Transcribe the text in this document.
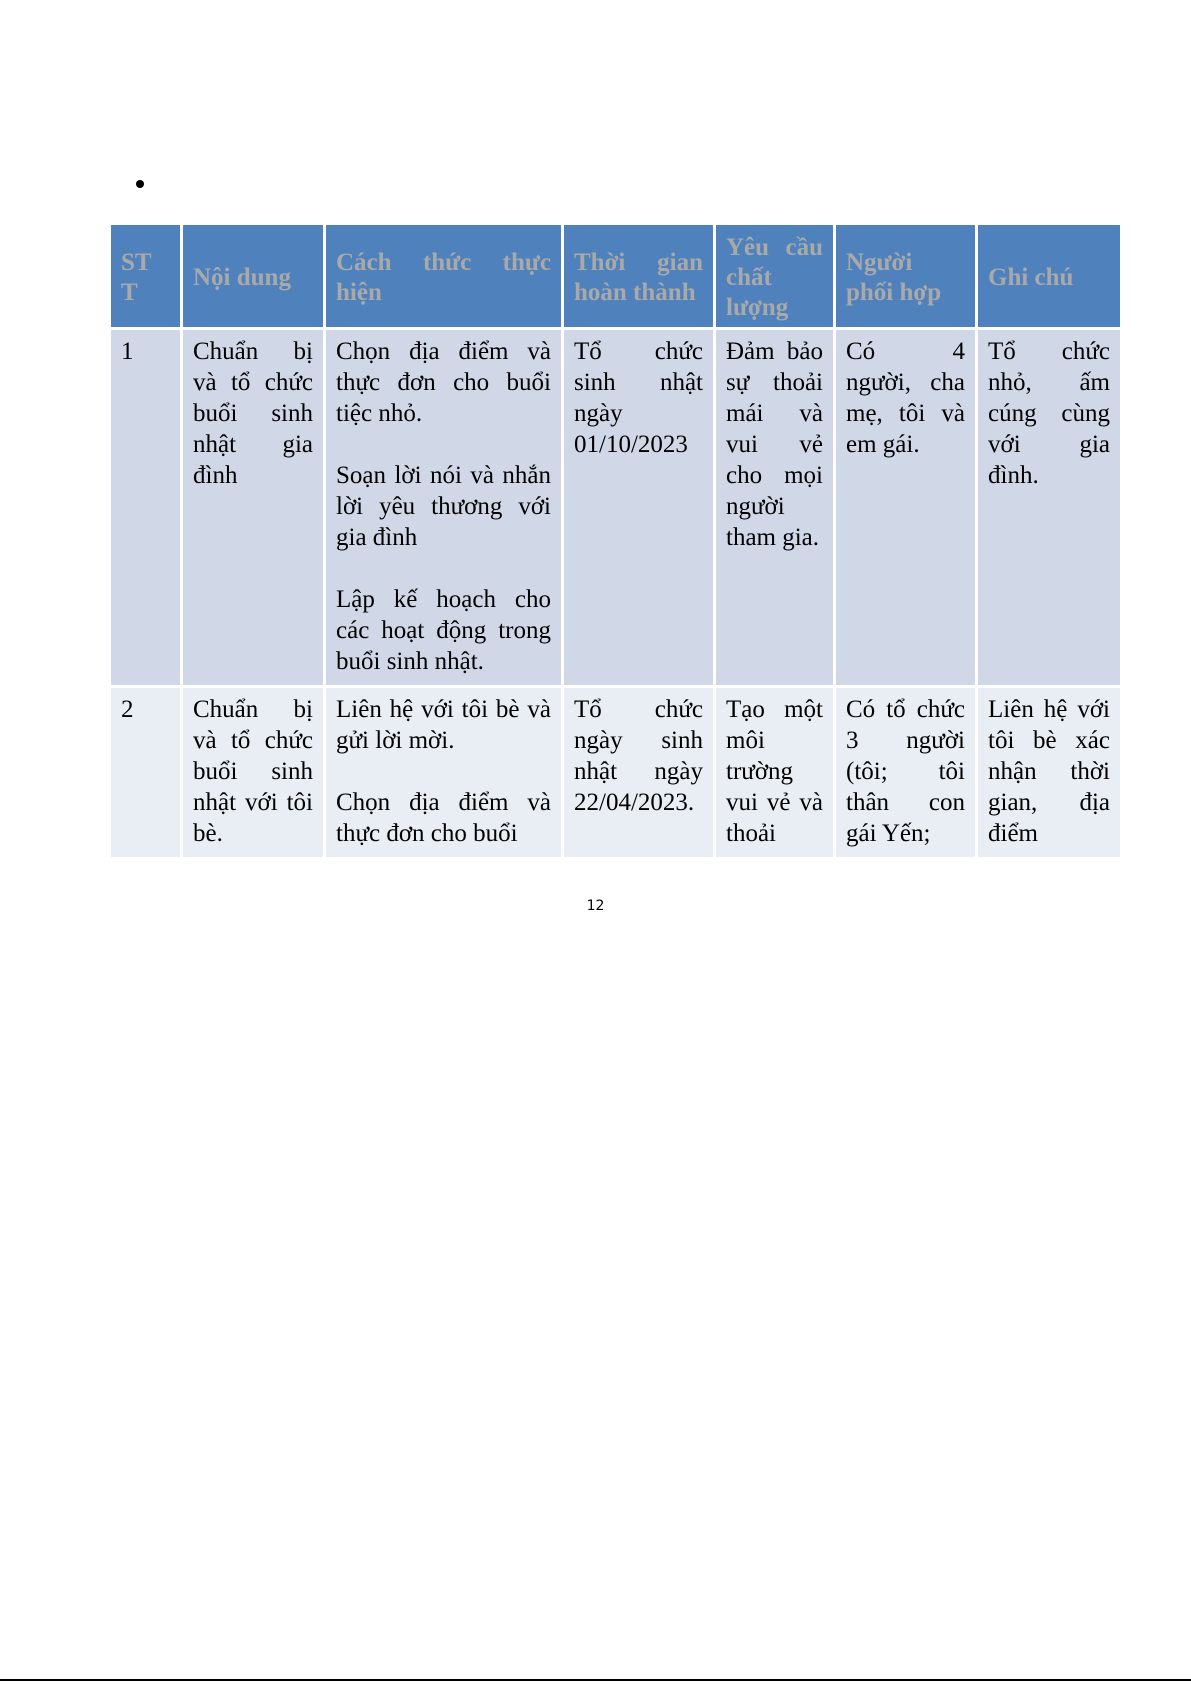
ST T	Nội dung	Cách thức thực hiện	Thời gian hoàn thành	Yêu cầu chất lượng	Người phối hợp	Ghi chú
1	Chuẩn bị và tổ chức buổi sinh nhật gia đình	Chọn địa điểm và thực đơn cho buổi tiệc nhỏ.

Soạn lời nói và nhắn lời yêu thương với gia đình

Lập kế hoạch cho các hoạt động trong buổi sinh nhật.	Tổ chức sinh nhật ngày 01/10/2023	Đảm bảo sự thoải mái và vui vẻ cho mọi người tham gia.	Có 4 người, cha mẹ, tôi và em gái.	Tổ chức nhỏ, ấm cúng cùng với gia đình.
2	Chuẩn bị và tổ chức buổi sinh nhật với tôi bè.	Liên hệ với tôi bè và gửi lời mời.

Chọn địa điểm và thực đơn cho buổi	Tổ chức ngày sinh nhật ngày 22/04/2023.	Tạo một môi trường vui vẻ và thoải	Có tổ chức 3 người (tôi; tôi thân con gái Yến;	Liên hệ với tôi bè xác nhận thời gian, địa điểm
12
